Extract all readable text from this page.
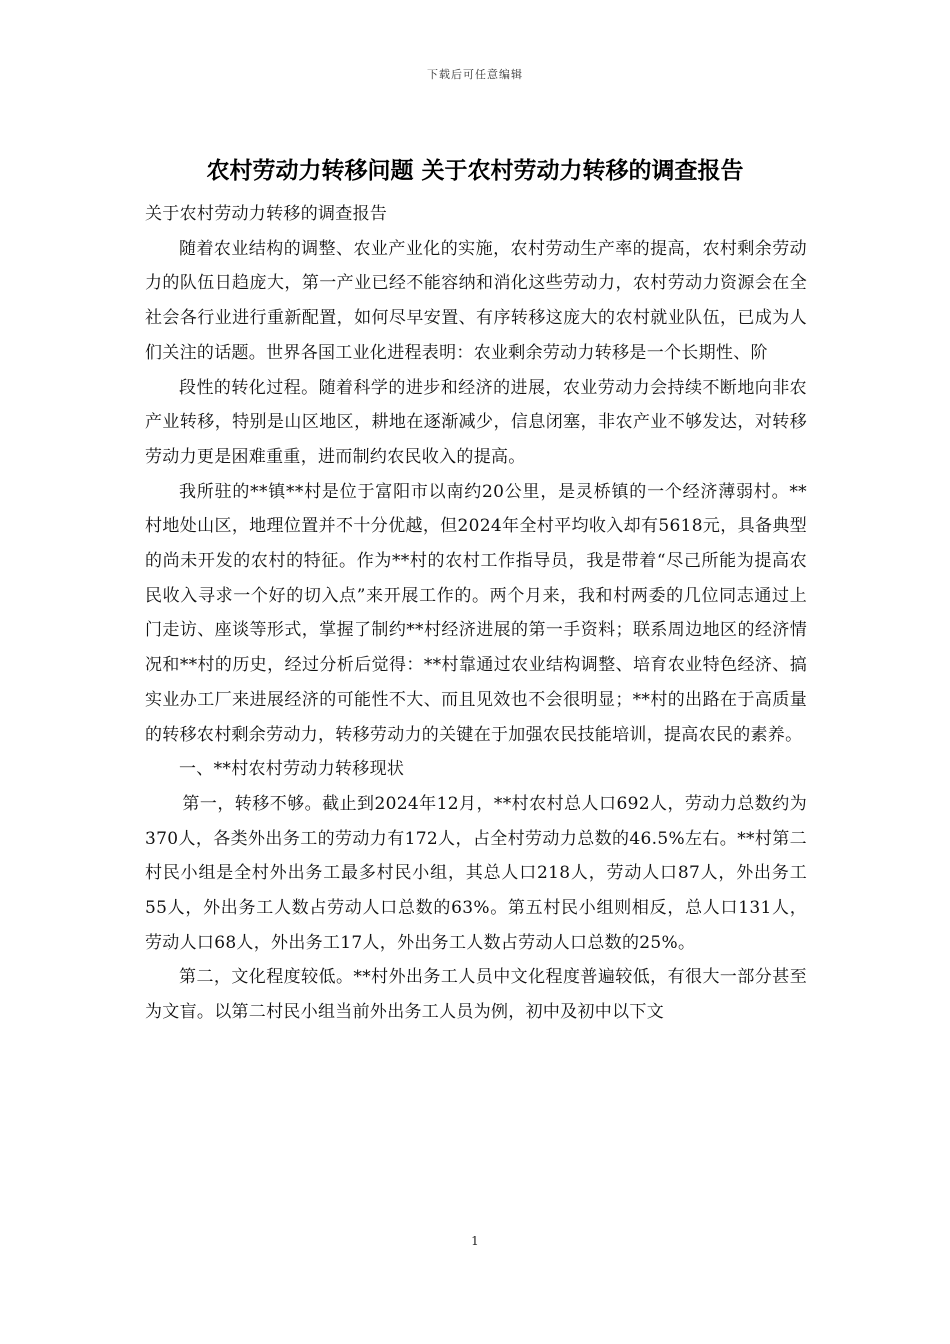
下载后可任意编辑
农村劳动力转移问题 关于农村劳动力转移的调查报告

关于农村劳动力转移的调查报告

随着农业结构的调整、农业产业化的实施，农村劳动生产率的提高，农村剩余劳动力的队伍日趋庞大，第一产业已经不能容纳和消化这些劳动力，农村劳动力资源会在全社会各行业进行重新配置，如何尽早安置、有序转移这庞大的农村就业队伍，已成为人们关注的话题。世界各国工业化进程表明：农业剩余劳动力转移是一个长期性、阶

段性的转化过程。随着科学的进步和经济的进展，农业劳动力会持续不断地向非农产业转移，特别是山区地区，耕地在逐渐减少，信息闭塞，非农产业不够发达，对转移劳动力更是困难重重，进而制约农民收入的提高。

我所驻的**镇**村是位于富阳市以南约20公里，是灵桥镇的一个经济薄弱村。**村地处山区，地理位置并不十分优越，但2024年全村平均收入却有5618元，具备典型的尚未开发的农村的特征。作为**村的农村工作指导员，我是带着“尽己所能为提高农民收入寻求一个好的切入点”来开展工作的。两个月来，我和村两委的几位同志通过上门走访、座谈等形式，掌握了制约**村经济进展的第一手资料；联系周边地区的经济情况和**村的历史，经过分析后觉得：**村靠通过农业结构调整、培育农业特色经济、搞实业办工厂来进展经济的可能性不大、而且见效也不会很明显；**村的出路在于高质量的转移农村剩余劳动力，转移劳动力的关键在于加强农民技能培训，提高农民的素养。

一、**村农村劳动力转移现状

第一，转移不够。截止到2024年12月，**村农村总人口692人，劳动力总数约为370人，各类外出务工的劳动力有172人，占全村劳动力总数的46.5%左右。**村第二村民小组是全村外出务工最多村民小组，其总人口218人，劳动人口87人，外出务工55人，外出务工人数占劳动人口总数的63%。第五村民小组则相反，总人口131人，劳动人口68人，外出务工17人，外出务工人数占劳动人口总数的25%。

第二，文化程度较低。**村外出务工人员中文化程度普遍较低，有很大一部分甚至为文盲。以第二村民小组当前外出务工人员为例，初中及初中以下文

1
